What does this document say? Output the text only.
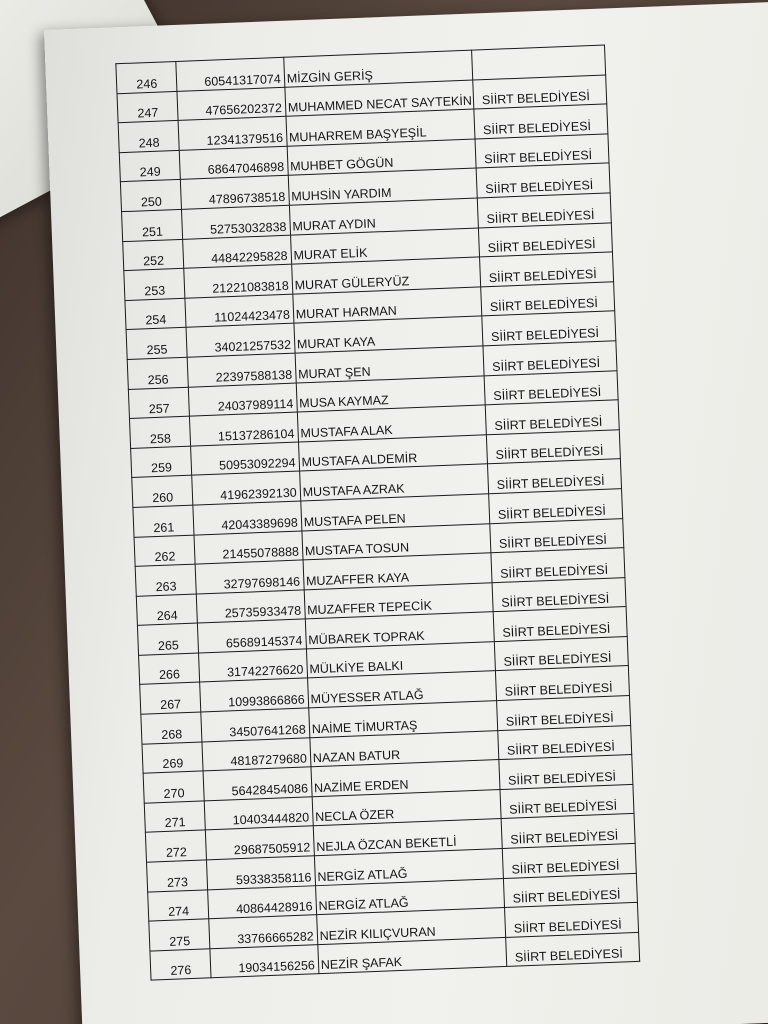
246	60541317074	MİZGİN GERİŞ	
247	47656202372	MUHAMMED NECAT SAYTEKİN	SİİRT BELEDİYESİ
248	12341379516	MUHARREM BAŞYEŞİL	SİİRT BELEDİYESİ
249	68647046898	MUHBET GÖGÜN	SİİRT BELEDİYESİ
250	47896738518	MUHSİN YARDIM	SİİRT BELEDİYESİ
251	52753032838	MURAT AYDIN	SİİRT BELEDİYESİ
252	44842295828	MURAT ELİK	SİİRT BELEDİYESİ
253	21221083818	MURAT GÜLERYÜZ	SİİRT BELEDİYESİ
254	11024423478	MURAT HARMAN	SİİRT BELEDİYESİ
255	34021257532	MURAT KAYA	SİİRT BELEDİYESİ
256	22397588138	MURAT ŞEN	SİİRT BELEDİYESİ
257	24037989114	MUSA KAYMAZ	SİİRT BELEDİYESİ
258	15137286104	MUSTAFA ALAK	SİİRT BELEDİYESİ
259	50953092294	MUSTAFA ALDEMİR	SİİRT BELEDİYESİ
260	41962392130	MUSTAFA AZRAK	SİİRT BELEDİYESİ
261	42043389698	MUSTAFA PELEN	SİİRT BELEDİYESİ
262	21455078888	MUSTAFA TOSUN	SİİRT BELEDİYESİ
263	32797698146	MUZAFFER KAYA	SİİRT BELEDİYESİ
264	25735933478	MUZAFFER TEPECİK	SİİRT BELEDİYESİ
265	65689145374	MÜBAREK TOPRAK	SİİRT BELEDİYESİ
266	31742276620	MÜLKİYE BALKI	SİİRT BELEDİYESİ
267	10993866866	MÜYESSER ATLAĞ	SİİRT BELEDİYESİ
268	34507641268	NAİME TİMURTAŞ	SİİRT BELEDİYESİ
269	48187279680	NAZAN BATUR	SİİRT BELEDİYESİ
270	56428454086	NAZİME ERDEN	SİİRT BELEDİYESİ
271	10403444820	NECLA ÖZER	SİİRT BELEDİYESİ
272	29687505912	NEJLA ÖZCAN BEKETLİ	SİİRT BELEDİYESİ
273	59338358116	NERGİZ ATLAĞ	SİİRT BELEDİYESİ
274	40864428916	NERGİZ ATLAĞ	SİİRT BELEDİYESİ
275	33766665282	NEZİR KILIÇVURAN	SİİRT BELEDİYESİ
276	19034156256	NEZİR ŞAFAK	SİİRT BELEDİYESİ
